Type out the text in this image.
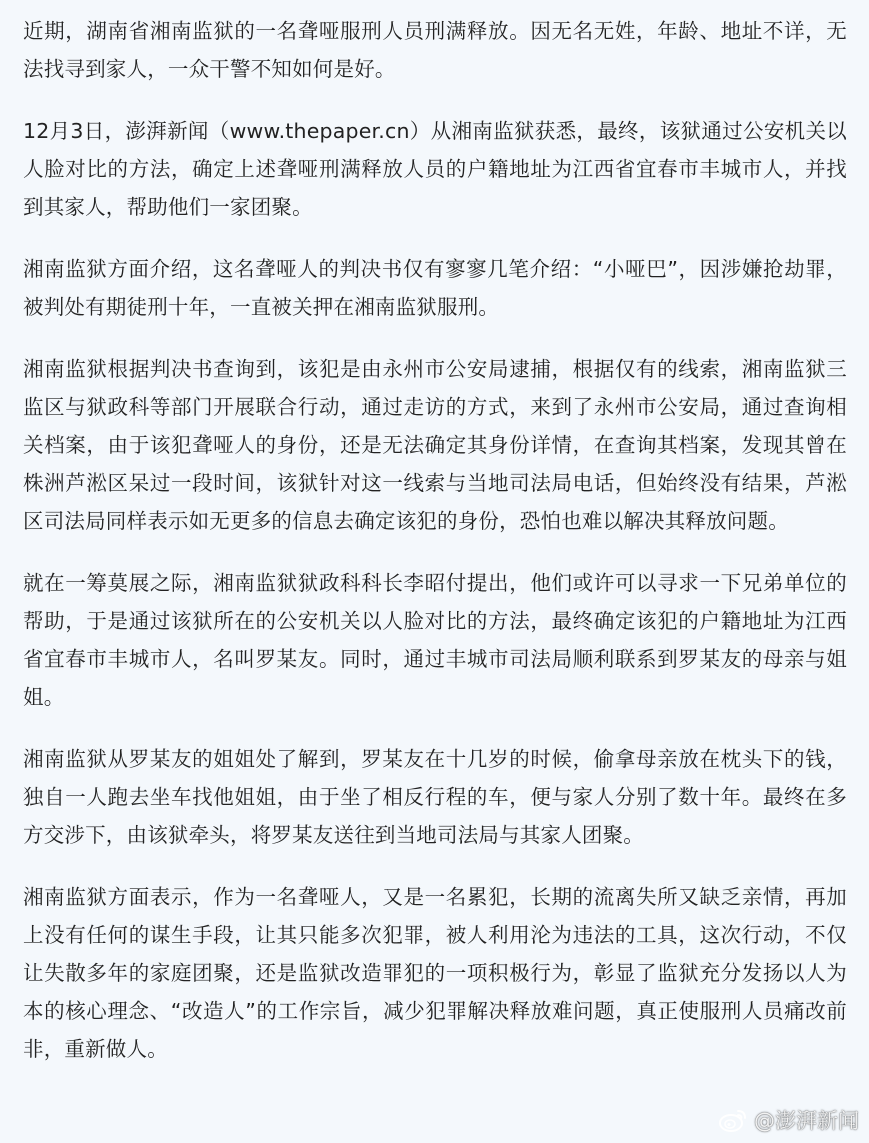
近期，湖南省湘南监狱的一名聋哑服刑人员刑满释放。因无名无姓，年龄、地址不详，无法找寻到家人，一众干警不知如何是好。

12月3日，澎湃新闻（www.thepaper.cn）从湘南监狱获悉，最终，该狱通过公安机关以人脸对比的方法，确定上述聋哑刑满释放人员的户籍地址为江西省宜春市丰城市人，并找到其家人，帮助他们一家团聚。

湘南监狱方面介绍，这名聋哑人的判决书仅有寥寥几笔介绍：“小哑巴”，因涉嫌抢劫罪，被判处有期徒刑十年，一直被关押在湘南监狱服刑。

湘南监狱根据判决书查询到，该犯是由永州市公安局逮捕，根据仅有的线索，湘南监狱三监区与狱政科等部门开展联合行动，通过走访的方式，来到了永州市公安局，通过查询相关档案，由于该犯聋哑人的身份，还是无法确定其身份详情，在查询其档案，发现其曾在株洲芦淞区呆过一段时间，该狱针对这一线索与当地司法局电话，但始终没有结果，芦淞区司法局同样表示如无更多的信息去确定该犯的身份，恐怕也难以解决其释放问题。

就在一筹莫展之际，湘南监狱狱政科科长李昭付提出，他们或许可以寻求一下兄弟单位的帮助，于是通过该狱所在的公安机关以人脸对比的方法，最终确定该犯的户籍地址为江西省宜春市丰城市人，名叫罗某友。同时，通过丰城市司法局顺利联系到罗某友的母亲与姐姐。

湘南监狱从罗某友的姐姐处了解到，罗某友在十几岁的时候，偷拿母亲放在枕头下的钱，独自一人跑去坐车找他姐姐，由于坐了相反行程的车，便与家人分别了数十年。最终在多方交涉下，由该狱牵头，将罗某友送往到当地司法局与其家人团聚。

湘南监狱方面表示，作为一名聋哑人，又是一名累犯，长期的流离失所又缺乏亲情，再加上没有任何的谋生手段，让其只能多次犯罪，被人利用沦为违法的工具，这次行动，不仅让失散多年的家庭团聚，还是监狱改造罪犯的一项积极行为，彰显了监狱充分发扬以人为本的核心理念、“改造人”的工作宗旨，减少犯罪解决释放难问题，真正使服刑人员痛改前非，重新做人。

@澎湃新闻
